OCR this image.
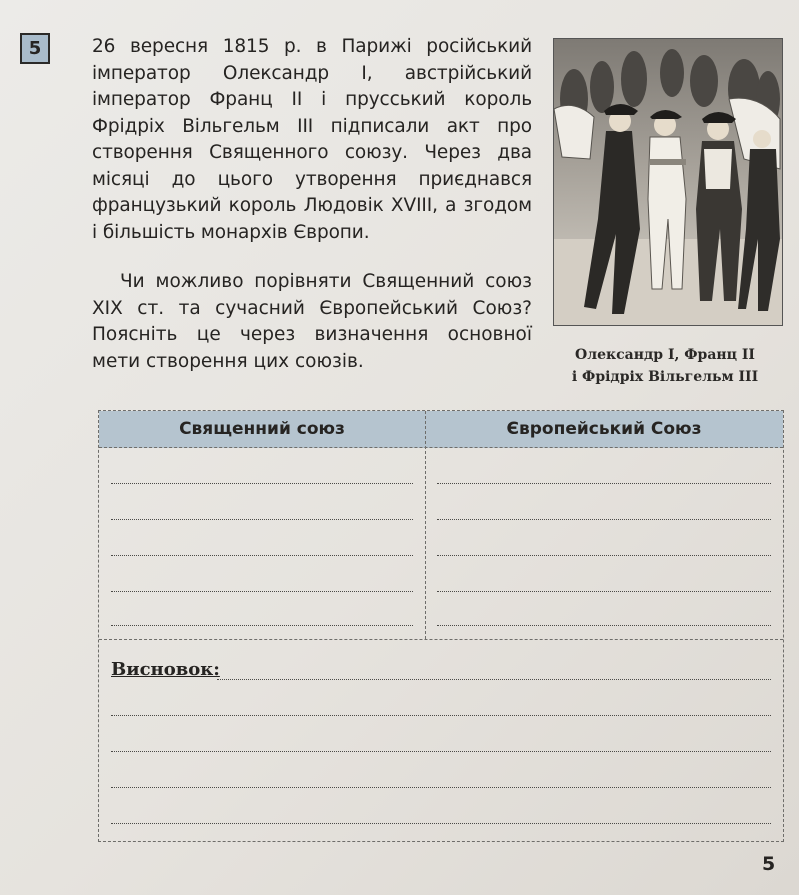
5	26 вересня 1815 р. в Парижі російський імператор Олександр I, австрійський імператор Франц II і прусський король Фрідріх Вільгельм III підписали акт про створення Священного союзу. Через два місяці до цього утворення приєднався французький король Людовік XVIII, а згодом і більшість монархів Європи.
Чи можливо порівняти Священний союз XIX ст. та сучасний Європейський Союз? Поясніть це через визначення основної мети створення цих союзів.	Олександр I, Франц II
і Фрідріх Вільгельм III
Священний союз	Європейський Союз
Висновок:
5
